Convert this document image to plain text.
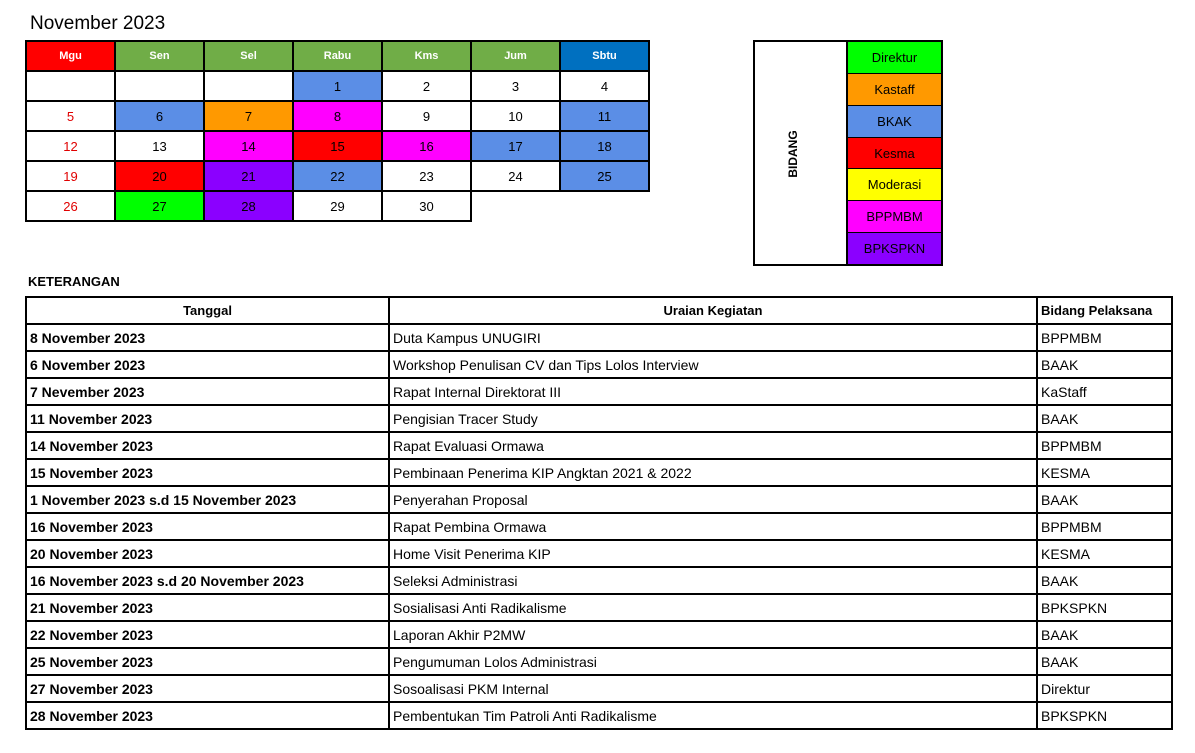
November 2023
Mgu	Sen	Sel	Rabu	Kms	Jum	Sbtu
			1	2	3	4
5	6	7	8	9	10	11
12	13	14	15	16	17	18
19	20	21	22	23	24	25
26	27	28	29	30		
BIDANG
Direktur
Kastaff
BKAK
Kesma
Moderasi
BPPMBM
BPKSPKN
KETERANGAN
Tanggal	Uraian Kegiatan	Bidang Pelaksana
8 November 2023	Duta Kampus UNUGIRI	BPPMBM
6 November 2023	Workshop Penulisan CV dan Tips Lolos Interview	BAAK
7 Nevember 2023	Rapat Internal Direktorat III	KaStaff
11 November 2023	Pengisian Tracer Study	BAAK
14 November 2023	Rapat Evaluasi Ormawa	BPPMBM
15 November 2023	Pembinaan Penerima KIP Angktan 2021 & 2022	KESMA
1 November 2023 s.d 15 November 2023	Penyerahan Proposal	BAAK
16 November 2023	Rapat Pembina Ormawa	BPPMBM
20 November 2023	Home Visit Penerima KIP	KESMA
16 November 2023 s.d 20 November 2023	Seleksi Administrasi	BAAK
21 November 2023	Sosialisasi Anti Radikalisme	BPKSPKN
22 November 2023	Laporan Akhir P2MW	BAAK
25 November 2023	Pengumuman Lolos Administrasi	BAAK
27 November 2023	Sosoalisasi PKM Internal	Direktur
28 November 2023	Pembentukan Tim Patroli Anti Radikalisme	BPKSPKN
